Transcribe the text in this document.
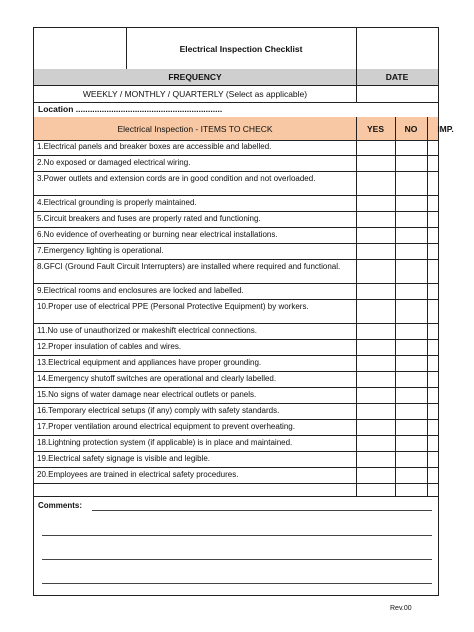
Electrical Inspection Checklist
FREQUENCY	DATE
WEEKLY / MONTHLY / QUARTERLY (Select as applicable)
Location ..............................................................
Electrical Inspection - ITEMS TO CHECK	YES	NO	IMP.
1.Electrical panels and breaker boxes are accessible and labelled.
2.No exposed or damaged electrical wiring.
3.Power outlets and extension cords are in good condition and not overloaded.
4.Electrical grounding is properly maintained.
5.Circuit breakers and fuses are properly rated and functioning.
6.No evidence of overheating or burning near electrical installations.
7.Emergency lighting is operational.
8.GFCI (Ground Fault Circuit Interrupters) are installed where required and functional.
9.Electrical rooms and enclosures are locked and labelled.
10.Proper use of electrical PPE (Personal Protective Equipment) by workers.
11.No use of unauthorized or makeshift electrical connections.
12.Proper insulation of cables and wires.
13.Electrical equipment and appliances have proper grounding.
14.Emergency shutoff switches are operational and clearly labelled.
15.No signs of water damage near electrical outlets or panels.
16.Temporary electrical setups (if any) comply with safety standards.
17.Proper ventilation around electrical equipment to prevent overheating.
18.Lightning protection system (if applicable) is in place and maintained.
19.Electrical safety signage is visible and legible.
20.Employees are trained in electrical safety procedures.
Comments:
Rev.00
